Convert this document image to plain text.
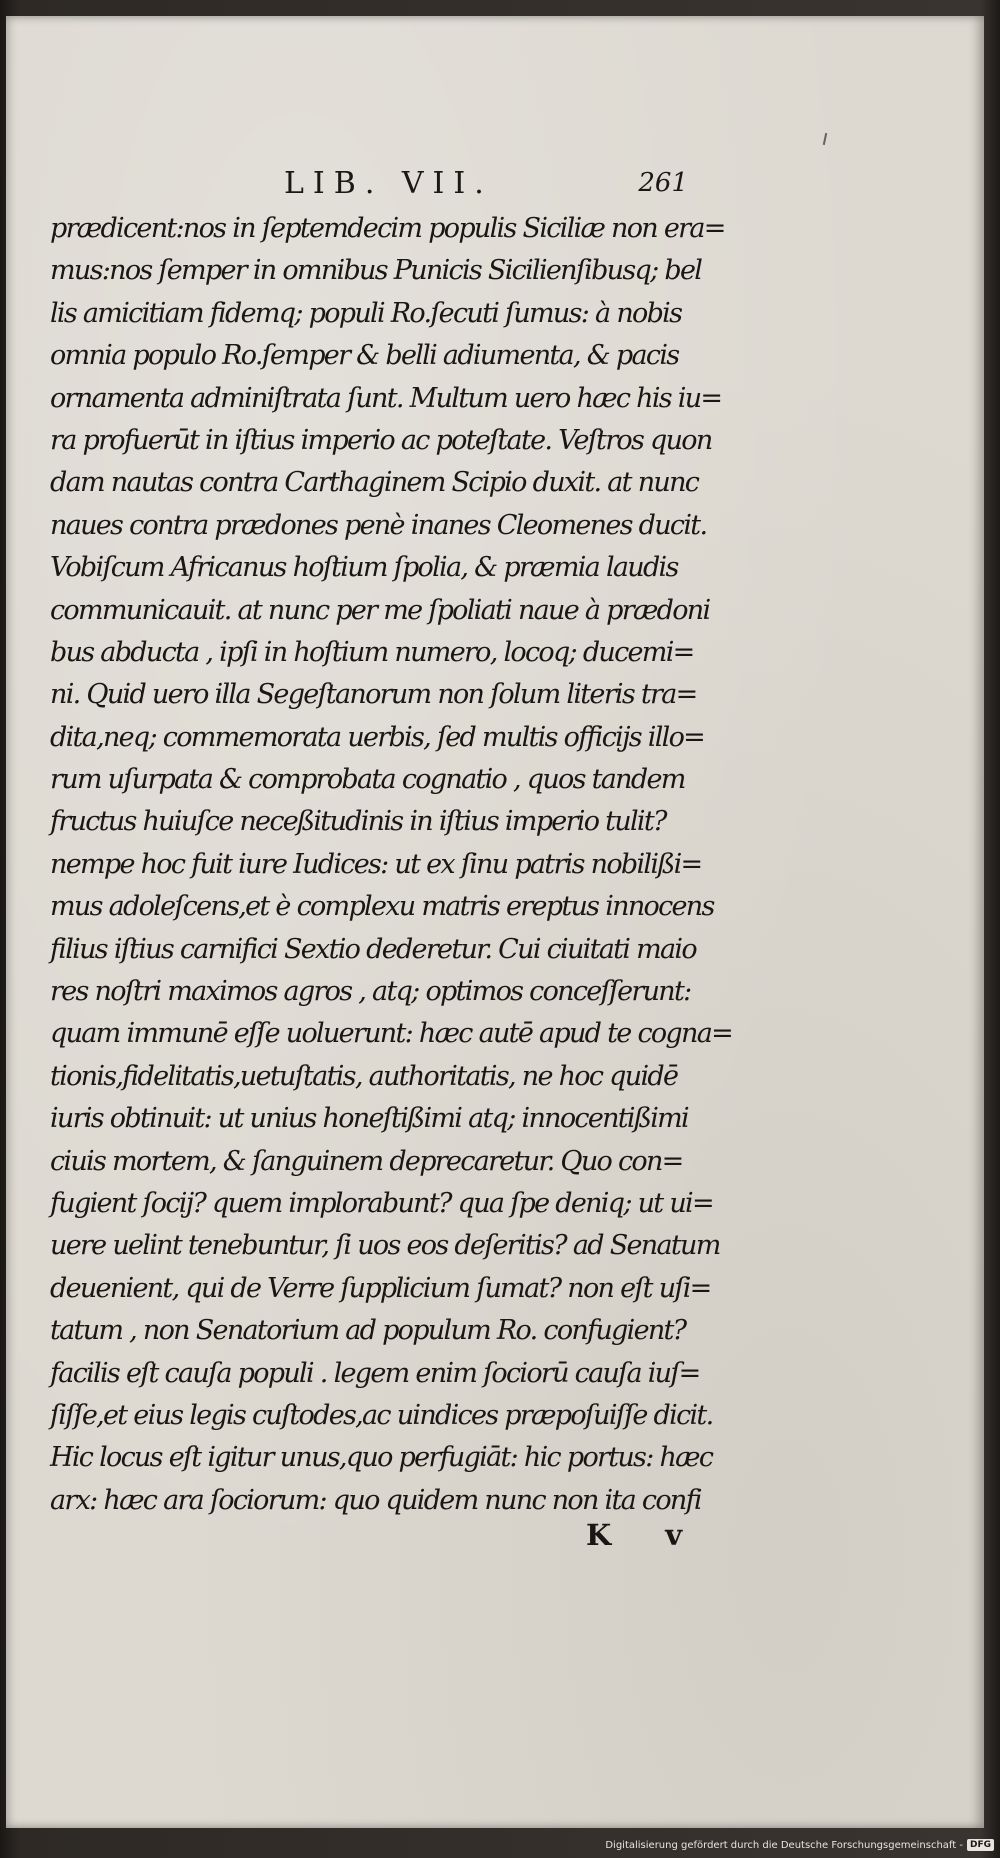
LIB. VII.	261
prædicent:nos in ſeptemdecim populis Siciliæ non era=
mus:nos ſemper in omnibus Punicis Sicilienſibusq; bel
lis amicitiam fidemq; populi Ro.ſecuti ſumus: à nobis
omnia populo Ro.ſemper & belli adiumenta, & pacis
ornamenta adminiſtrata ſunt. Multum uero hæc his iu=
ra profuerūt in iſtius imperio ac poteſtate. Veſtros quon
dam nautas contra Carthaginem Scipio duxit. at nunc
naues contra prædones penè inanes Cleomenes ducit.
Vobiſcum Africanus hoſtium ſpolia, & præmia laudis
communicauit. at nunc per me ſpoliati naue à prædoni
bus abducta , ipſi in hoſtium numero, locoq; ducemi=
ni. Quid uero illa Segeſtanorum non ſolum literis tra=
dita,neq; commemorata uerbis, ſed multis officijs illo=
rum uſurpata & comprobata cognatio , quos tandem
fructus huiuſce neceßitudinis in iſtius imperio tulit?
nempe hoc fuit iure Iudices: ut ex ſinu patris nobilißi=
mus adoleſcens,et è complexu matris ereptus innocens
filius iſtius carnifici Sextio dederetur. Cui ciuitati maio
res noſtri maximos agros , atq; optimos conceſſerunt:
quam immunē eſſe uoluerunt: hæc autē apud te cogna=
tionis,fidelitatis,uetuſtatis, authoritatis, ne hoc quidē
iuris obtinuit: ut unius honeſtißimi atq; innocentißimi
ciuis mortem, & ſanguinem deprecaretur. Quo con=
fugient ſocij? quem implorabunt? qua ſpe deniq; ut ui=
uere uelint tenebuntur, ſi uos eos deſeritis? ad Senatum
deuenient, qui de Verre ſupplicium ſumat? non eſt uſi=
tatum , non Senatorium ad populum Ro. confugient?
facilis eſt cauſa populi . legem enim ſociorū cauſa iuſ=
ſiſſe,et eius legis cuſtodes,ac uindices præpoſuiſſe dicit.
Hic locus eſt igitur unus,quo perfugiāt: hic portus: hæc
arx: hæc ara ſociorum: quo quidem nunc non ita confi
K v
Digitalisierung gefördert durch die Deutsche Forschungsgemeinschaft - DFG
